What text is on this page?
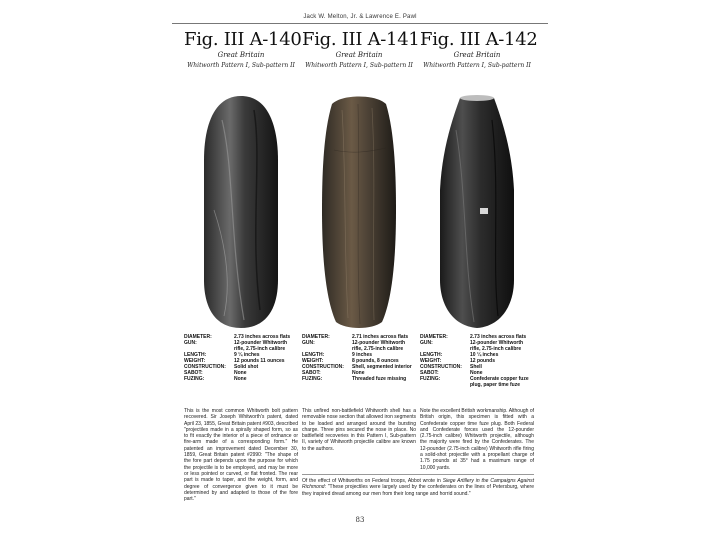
Jack W. Melton, Jr. & Lawrence E. Pawl
Fig. III A-140
Great Britain
Whitworth Pattern I, Sub-pattern II
DIAMETER:	2.73 inches across flats
GUN:	12-pounder Whitworth rifle, 2.75-inch calibre
LENGTH:	9 ¼ inches
WEIGHT:	12 pounds 11 ounces
CONSTRUCTION:	Solid shot
SABOT:	None
FUZING:	None

This is the most common Whitworth bolt pattern recovered. Sir Joseph Whitworth's patent, dated April 23, 1855, Great Britain patent #903, described "projectiles made in a spirally shaped form, so as to fit exactly the interior of a piece of ordnance or fire-arm made of a corresponding form." He patented an improvement dated December 30, 1859, Great Britain patent #2990: "The shape of the fore part depends upon the purpose for which the projectile is to be employed, and may be more or less pointed or curved, or flat fronted. The rear part is made to taper, and the weight, form, and degree of convergence given to it must be determined by and adapted to those of the fore part."

Fig. III A-141
Great Britain
Whitworth Pattern I, Sub-pattern II
DIAMETER:	2.71 inches across flats
GUN:	12-pounder Whitworth rifle, 2.75-inch calibre
LENGTH:	9 inches
WEIGHT:	8 pounds, 8 ounces
CONSTRUCTION:	Shell, segmented interior
SABOT:	None
FUZING:	Threaded fuze missing

This unfired non-battlefield Whitworth shell has a removable nose section that allowed iron segments to be loaded and arranged around the bursting charge. Three pins secured the nose in place. No battlefield recoveries in this Pattern I, Sub-pattern II, variety of Whitworth projectile calibre are known to the authors.

Fig. III A-142
Great Britain
Whitworth Pattern I, Sub-pattern II
DIAMETER:	2.73 inches across flats
GUN:	12-pounder Whitworth rifle, 2.75-inch calibre
LENGTH:	10 ¼ inches
WEIGHT:	12 pounds
CONSTRUCTION:	Shell
SABOT:	None
FUZING:	Confederate copper fuze plug, paper time fuze

Note the excellent British workmanship. Although of British origin, this specimen is fitted with a Confederate copper time fuze plug. Both Federal and Confederate forces used the 12-pounder (2.75-inch calibre) Whitworth projectile, although the majority were fired by the Confederates. The 12-pounder (2.75-inch calibre) Whitworth rifle firing a solid-shot projectile with a propellant charge of 1.75 pounds at 35° had a maximum range of 10,000 yards.

Of the effect of Whitworths on Federal troops, Abbot wrote in Siege Artillery in the Campaigns Against Richmond: "These projectiles were largely used by the confederates on the lines of Petersburg, where they inspired dread among our men from their long range and horrid sound."
83
